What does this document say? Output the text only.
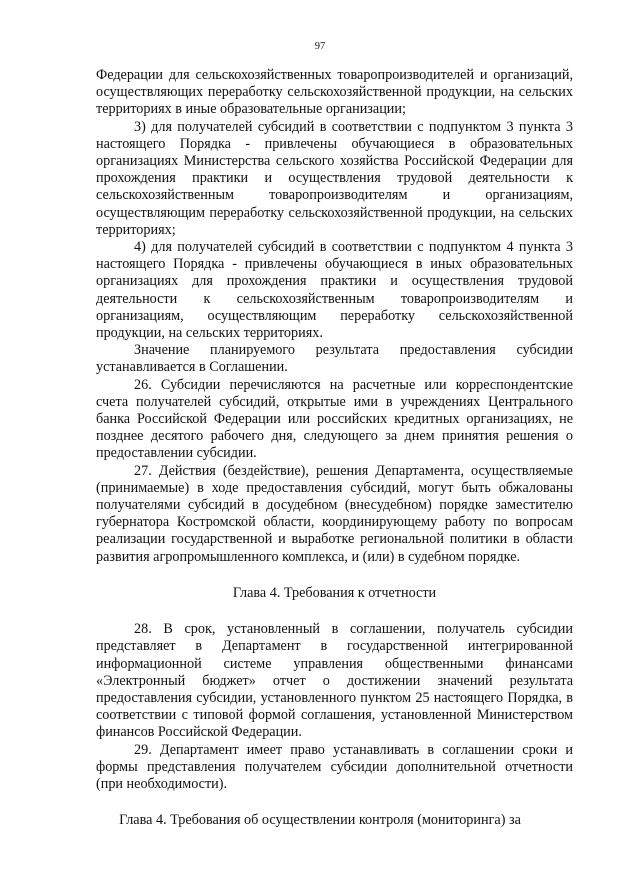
97

Федерации для сельскохозяйственных товаропроизводителей и организаций, осуществляющих переработку сельскохозяйственной продукции, на сельских территориях в иные образовательные организации;

3) для получателей субсидий в соответствии с подпунктом 3 пункта 3 настоящего Порядка - привлечены обучающиеся в образовательных организациях Министерства сельского хозяйства Российской Федерации для прохождения практики и осуществления трудовой деятельности к сельскохозяйственным товаропроизводителям и организациям, осуществляющим переработку сельскохозяйственной продукции, на сельских территориях;

4) для получателей субсидий в соответствии с подпунктом 4 пункта 3 настоящего Порядка - привлечены обучающиеся в иных образовательных организациях для прохождения практики и осуществления трудовой деятельности к сельскохозяйственным товаропроизводителям и организациям, осуществляющим переработку сельскохозяйственной продукции, на сельских территориях.

Значение планируемого результата предоставления субсидии устанавливается в Соглашении.

26. Субсидии перечисляются на расчетные или корреспондентские счета получателей субсидий, открытые ими в учреждениях Центрального банка Российской Федерации или российских кредитных организациях, не позднее десятого рабочего дня, следующего за днем принятия решения о предоставлении субсидии.

27. Действия (бездействие), решения Департамента, осуществляемые (принимаемые) в ходе предоставления субсидий, могут быть обжалованы получателями субсидий в досудебном (внесудебном) порядке заместителю губернатора Костромской области, координирующему работу по вопросам реализации государственной и выработке региональной политики в области развития агропромышленного комплекса, и (или) в судебном порядке.

Глава 4. Требования к отчетности

28. В срок, установленный в соглашении, получатель субсидии представляет в Департамент в государственной интегрированной информационной системе управления общественными финансами «Электронный бюджет» отчет о достижении значений результата предоставления субсидии, установленного пунктом 25 настоящего Порядка, в соответствии с типовой формой соглашения, установленной Министерством финансов Российской Федерации.

29. Департамент имеет право устанавливать в соглашении сроки и формы представления получателем субсидии дополнительной отчетности (при необходимости).

Глава 4. Требования об осуществлении контроля (мониторинга) за
